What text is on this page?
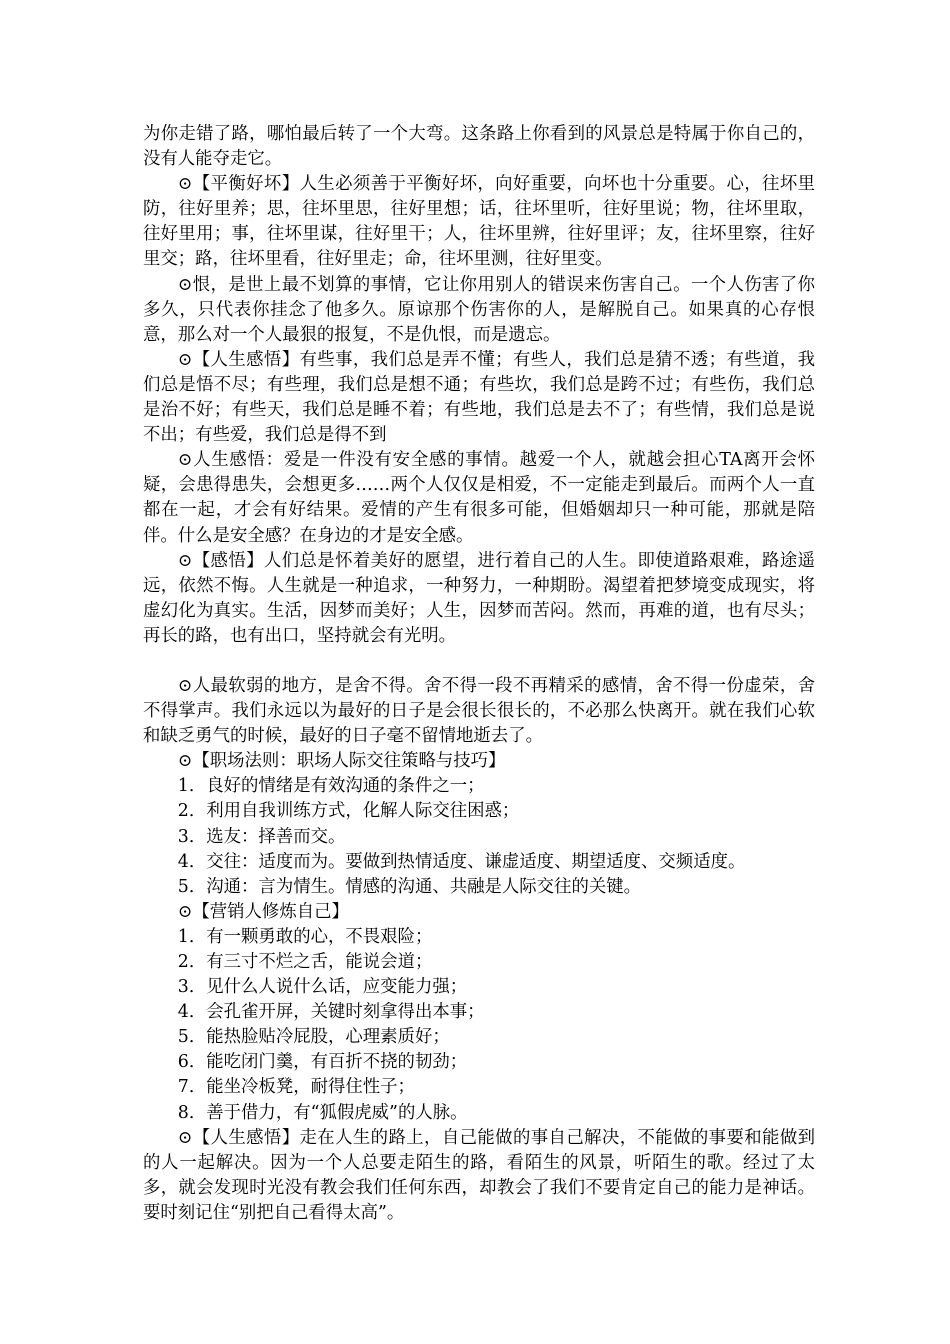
为你走错了路，哪怕最后转了一个大弯。这条路上你看到的风景总是特属于你自己的，没有人能夺走它。

⊙【平衡好坏】人生必须善于平衡好坏，向好重要，向坏也十分重要。心，往坏里防，往好里养；思，往坏里思，往好里想；话，往坏里听，往好里说；物，往坏里取，往好里用；事，往坏里谋，往好里干；人，往坏里辨，往好里评；友，往坏里察，往好里交；路，往坏里看，往好里走；命，往坏里测，往好里变。

⊙恨，是世上最不划算的事情，它让你用别人的错误来伤害自己。一个人伤害了你多久，只代表你挂念了他多久。原谅那个伤害你的人，是解脱自己。如果真的心存恨意，那么对一个人最狠的报复，不是仇恨，而是遗忘。

⊙【人生感悟】有些事，我们总是弄不懂；有些人，我们总是猜不透；有些道，我们总是悟不尽；有些理，我们总是想不通；有些坎，我们总是跨不过；有些伤，我们总是治不好；有些天，我们总是睡不着；有些地，我们总是去不了；有些情，我们总是说不出；有些爱，我们总是得不到

⊙人生感悟：爱是一件没有安全感的事情。越爱一个人，就越会担心TA离开会怀疑，会患得患失，会想更多……两个人仅仅是相爱，不一定能走到最后。而两个人一直都在一起，才会有好结果。爱情的产生有很多可能，但婚姻却只一种可能，那就是陪伴。什么是安全感？在身边的才是安全感。

⊙【感悟】人们总是怀着美好的愿望，进行着自己的人生。即使道路艰难，路途遥远，依然不悔。人生就是一种追求，一种努力，一种期盼。渴望着把梦境变成现实，将虚幻化为真实。生活，因梦而美好；人生，因梦而苦闷。然而，再难的道，也有尽头；再长的路，也有出口，坚持就会有光明。

⊙人最软弱的地方，是舍不得。舍不得一段不再精采的感情，舍不得一份虚荣，舍不得掌声。我们永远以为最好的日子是会很长很长的，不必那么快离开。就在我们心软和缺乏勇气的时候，最好的日子毫不留情地逝去了。

⊙【职场法则：职场人际交往策略与技巧】

1．良好的情绪是有效沟通的条件之一；

2．利用自我训练方式，化解人际交往困惑；

3．选友：择善而交。

4．交往：适度而为。要做到热情适度、谦虚适度、期望适度、交频适度。

5．沟通：言为情生。情感的沟通、共融是人际交往的关键。

⊙【营销人修炼自己】

1．有一颗勇敢的心，不畏艰险；

2．有三寸不烂之舌，能说会道；

3．见什么人说什么话，应变能力强；

4．会孔雀开屏，关键时刻拿得出本事；

5．能热脸贴冷屁股，心理素质好；

6．能吃闭门羹，有百折不挠的韧劲；

7．能坐冷板凳，耐得住性子；

8．善于借力，有“狐假虎威”的人脉。

⊙【人生感悟】走在人生的路上，自己能做的事自己解决，不能做的事要和能做到的人一起解决。因为一个人总要走陌生的路，看陌生的风景，听陌生的歌。经过了太多，就会发现时光没有教会我们任何东西，却教会了我们不要肯定自己的能力是神话。要时刻记住“别把自己看得太高”。
